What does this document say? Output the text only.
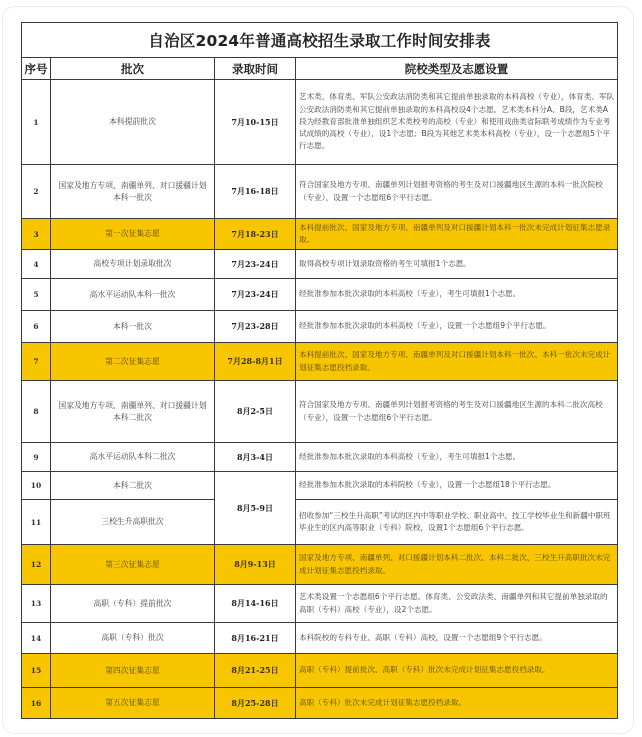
自治区2024年普通高校招生录取工作时间安排表			
序号	批次	录取时间	院校类型及志愿设置
1	本科提前批次	7月10-15日	艺术类、体育类、军队公安政法消防类和其它提前单独录取的本科高校（专业），体育类、军队公安政法消防类和其它提前单独录取的本科高校设4个志愿。艺术类本科分A、B段，艺术类A段为经教育部批准单独组织艺术类校考的高校（专业）和使用戏曲类省际联考成绩作为专业考试成绩的高校（专业），设1个志愿；B段为其他艺术类本科高校（专业），设一个志愿组5个平行志愿。
2	国家及地方专项、南疆单列、对口援疆计划本科一批次	7月16-18日	符合国家及地方专项、南疆单列计划报考资格的考生及对口援疆地区生源的本科一批次院校（专业），设置一个志愿组6个平行志愿。
3	第一次征集志愿	7月18-23日	本科提前批次、国家及地方专项、南疆单列及对口援疆计划本科一批次未完成计划征集志愿录取。
4	高校专项计划录取批次	7月23-24日	取得高校专项计划录取资格的考生可填报1个志愿。
5	高水平运动队本科一批次	7月23-24日	经批准参加本批次录取的本科高校（专业），考生可填报1个志愿。
6	本科一批次	7月23-28日	经批准参加本批次录取的本科高校（专业），设置一个志愿组9个平行志愿。
7	第二次征集志愿	7月28-8月1日	本科提前批次、国家及地方专项、南疆单列及对口援疆计划本科一批次、本科一批次未完成计划征集志愿投档录取。
8	国家及地方专项、南疆单列、对口援疆计划本科二批次	8月2-5日	符合国家及地方专项、南疆单列计划报考资格的考生及对口援疆地区生源的本科二批次高校（专业），设置一个志愿组6个平行志愿。
9	高水平运动队本科二批次	8月3-4日	经批准参加本批次录取的本科高校（专业），考生可填报1个志愿。
10	本科二批次	8月5-9日	经批准参加本批次录取的本科院校（专业），设置一个志愿组18个平行志愿。
11	三校生升高职批次		招收参加“三校生升高职”考试的区内中等职业学校、职业高中、技工学校毕业生和新疆中职班毕业生的区内高等职业（专科）院校，设置1个志愿组6个平行志愿。
12	第三次征集志愿	8月9-13日	国家及地方专项、南疆单列、对口援疆计划本科二批次、本科二批次、三校生升高职批次未完成计划征集志愿投档录取。
13	高职（专科）提前批次	8月14-16日	艺术类设置一个志愿组6个平行志愿。体育类、公安政法类、南疆单列和其它提前单独录取的高职（专科）高校（专业），设2个志愿。
14	高职（专科）批次	8月16-21日	本科院校的专科专业、高职（专科）高校，设置一个志愿组9个平行志愿。
15	第四次征集志愿	8月21-25日	高职（专科）提前批次、高职（专科）批次未完成计划征集志愿投档录取。
16	第五次征集志愿	8月25-28日	高职（专科）批次未完成计划征集志愿投档录取。
